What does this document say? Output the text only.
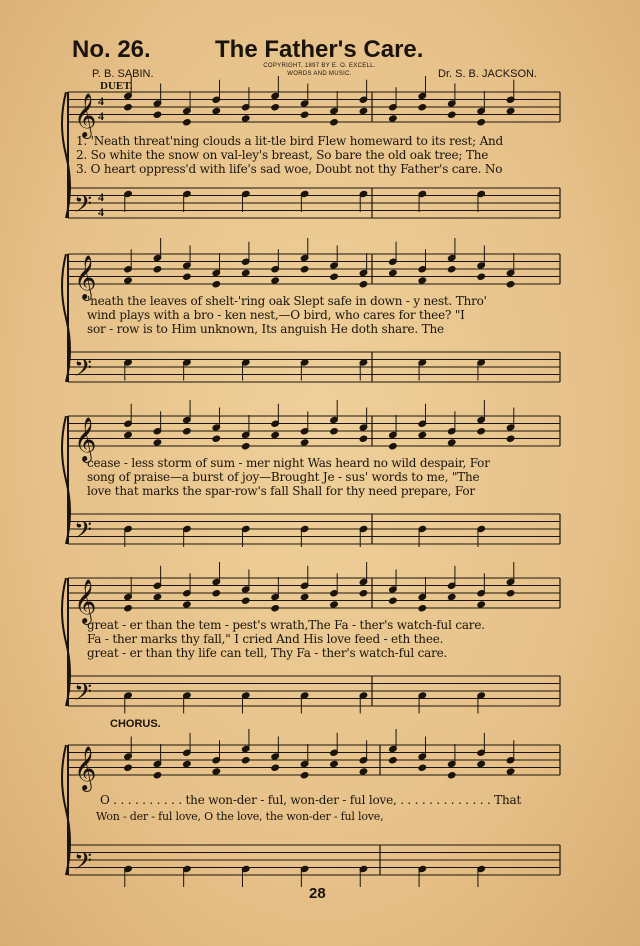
No. 26.	The Father's Care.
P. B. SABIN.
COPYRIGHT, 1897 BY E. O. EXCELL.
WORDS AND MUSIC.	Dr. S. B. JACKSON.
DUET.
𝄞 4
4
𝄢 4
4
𝄞
𝄢
𝄞
𝄢
𝄞
𝄢
𝄞
𝄢
1. 'Neath threat'ning clouds a lit-tle bird Flew homeward to its rest; And
2. So white the snow on val-ley's breast, So bare the old oak tree; The
3. O heart oppress'd with life's sad woe, Doubt not thy Father's care. No
'neath the leaves of shelt-'ring oak Slept safe in down - y nest. Thro'
wind plays with a bro - ken nest,—O bird, who cares for thee? "I
sor - row is to Him unknown, Its anguish He doth share. The
cease - less storm of sum - mer night Was heard no wild despair, For
song of praise—a burst of joy—Brought Je - sus' words to me, "The
love that marks the spar-row's fall Shall for thy need prepare, For
great - er than the tem - pest's wrath,The Fa - ther's watch-ful care.
Fa - ther marks thy fall," I cried And His love feed - eth thee.
great - er than thy life can tell, Thy Fa - ther's watch-ful care.
CHORUS.
O . . . . . . . . . . the won-der - ful, won-der - ful love, . . . . . . . . . . . . . That
Won - der - ful love, O the love, the won-der - ful love,
28
